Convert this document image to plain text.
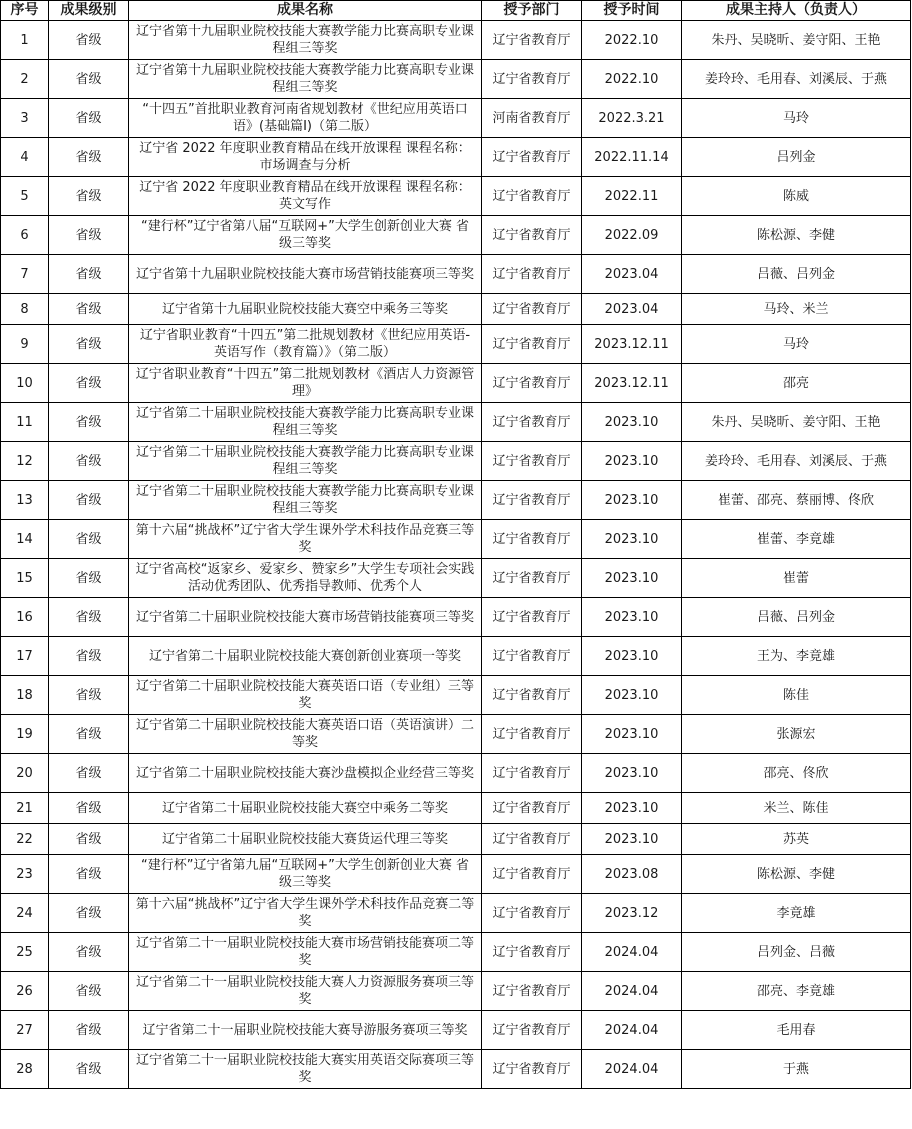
序号	成果级别	成果名称	授予部门	授予时间	成果主持人（负责人）
1	省级	辽宁省第十九届职业院校技能大赛教学能力比赛高职专业课程组三等奖	辽宁省教育厅	2022.10	朱丹、吴晓昕、姜守阳、王艳
2	省级	辽宁省第十九届职业院校技能大赛教学能力比赛高职专业课程组三等奖	辽宁省教育厅	2022.10	姜玲玲、毛用春、刘溪辰、于燕
3	省级	“十四五”首批职业教育河南省规划教材《世纪应用英语口语》(基础篇Ⅰ)（第二版）	河南省教育厅	2022.3.21	马玲
4	省级	辽宁省 2022 年度职业教育精品在线开放课程 课程名称：市场调查与分析	辽宁省教育厅	2022.11.14	吕列金
5	省级	辽宁省 2022 年度职业教育精品在线开放课程 课程名称：英文写作	辽宁省教育厅	2022.11	陈威
6	省级	“建行杯”辽宁省第八届“互联网+”大学生创新创业大赛 省级三等奖	辽宁省教育厅	2022.09	陈松源、李健
7	省级	辽宁省第十九届职业院校技能大赛市场营销技能赛项三等奖	辽宁省教育厅	2023.04	吕薇、吕列金
8	省级	辽宁省第十九届职业院校技能大赛空中乘务三等奖	辽宁省教育厅	2023.04	马玲、米兰
9	省级	辽宁省职业教育“十四五”第二批规划教材《世纪应用英语-英语写作（教育篇）》（第二版）	辽宁省教育厅	2023.12.11	马玲
10	省级	辽宁省职业教育“十四五”第二批规划教材《酒店人力资源管理》	辽宁省教育厅	2023.12.11	邵亮
11	省级	辽宁省第二十届职业院校技能大赛教学能力比赛高职专业课程组三等奖	辽宁省教育厅	2023.10	朱丹、吴晓昕、姜守阳、王艳
12	省级	辽宁省第二十届职业院校技能大赛教学能力比赛高职专业课程组三等奖	辽宁省教育厅	2023.10	姜玲玲、毛用春、刘溪辰、于燕
13	省级	辽宁省第二十届职业院校技能大赛教学能力比赛高职专业课程组三等奖	辽宁省教育厅	2023.10	崔蕾、邵亮、蔡丽博、佟欣
14	省级	第十六届“挑战杯”辽宁省大学生课外学术科技作品竞赛三等奖	辽宁省教育厅	2023.10	崔蕾、李竟雄
15	省级	辽宁省高校“返家乡、爱家乡、赞家乡”大学生专项社会实践活动优秀团队、优秀指导教师、优秀个人	辽宁省教育厅	2023.10	崔蕾
16	省级	辽宁省第二十届职业院校技能大赛市场营销技能赛项三等奖	辽宁省教育厅	2023.10	吕薇、吕列金
17	省级	辽宁省第二十届职业院校技能大赛创新创业赛项一等奖	辽宁省教育厅	2023.10	王为、李竟雄
18	省级	辽宁省第二十届职业院校技能大赛英语口语（专业组）三等奖	辽宁省教育厅	2023.10	陈佳
19	省级	辽宁省第二十届职业院校技能大赛英语口语（英语演讲）二等奖	辽宁省教育厅	2023.10	张源宏
20	省级	辽宁省第二十届职业院校技能大赛沙盘模拟企业经营三等奖	辽宁省教育厅	2023.10	邵亮、佟欣
21	省级	辽宁省第二十届职业院校技能大赛空中乘务二等奖	辽宁省教育厅	2023.10	米兰、陈佳
22	省级	辽宁省第二十届职业院校技能大赛货运代理三等奖	辽宁省教育厅	2023.10	苏英
23	省级	“建行杯”辽宁省第九届“互联网+”大学生创新创业大赛 省级三等奖	辽宁省教育厅	2023.08	陈松源、李健
24	省级	第十六届“挑战杯”辽宁省大学生课外学术科技作品竞赛二等奖	辽宁省教育厅	2023.12	李竟雄
25	省级	辽宁省第二十一届职业院校技能大赛市场营销技能赛项二等奖	辽宁省教育厅	2024.04	吕列金、吕薇
26	省级	辽宁省第二十一届职业院校技能大赛人力资源服务赛项三等奖	辽宁省教育厅	2024.04	邵亮、李竟雄
27	省级	辽宁省第二十一届职业院校技能大赛导游服务赛项三等奖	辽宁省教育厅	2024.04	毛用春
28	省级	辽宁省第二十一届职业院校技能大赛实用英语交际赛项三等奖	辽宁省教育厅	2024.04	于燕
